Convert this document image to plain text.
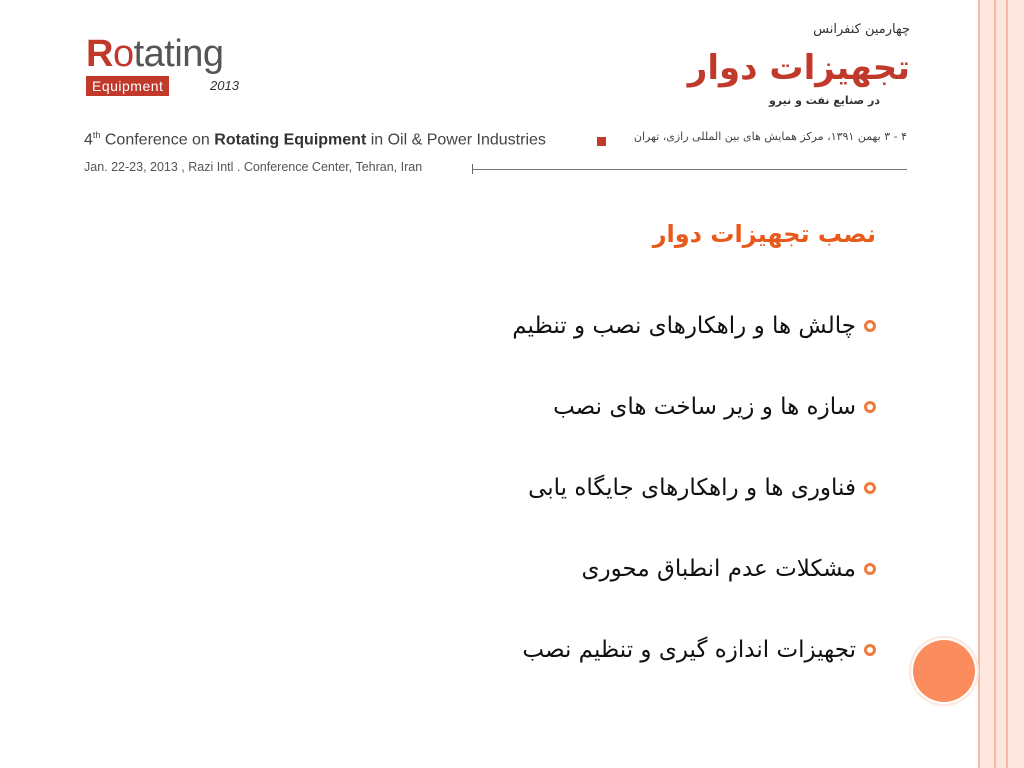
Rotating
Equipment	2013
چهارمین کنفرانس
تجهیزات دوار
در صنایع نفت و نیرو
4th Conference on Rotating Equipment in Oil & Power Industries	۴ - ۳ بهمن ۱۳۹۱، مرکز همایش های بین المللی رازی، تهران
Jan. 22-23, 2013 , Razi Intl . Conference Center, Tehran, Iran
نصب تجهیزات دوار
چالش ها و راهکارهای نصب و تنظیم
سازه ها و زیر ساخت های نصب
فناوری ها و راهکارهای جایگاه یابی
مشکلات عدم انطباق محوری
تجهیزات اندازه گیری و تنظیم نصب
